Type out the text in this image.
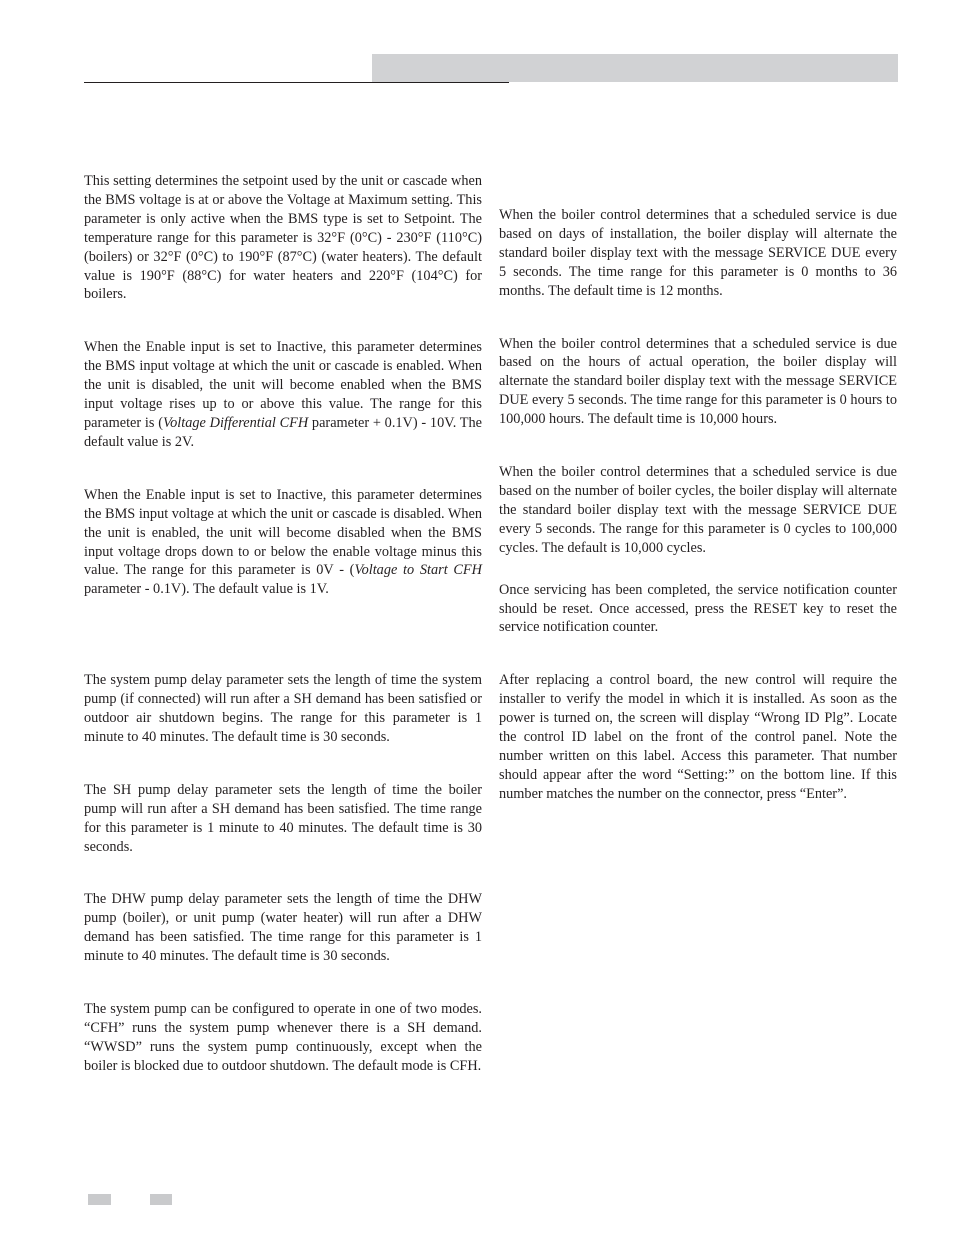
This setting determines the setpoint used by the unit or cascade when the BMS voltage is at or above the Voltage at Maximum setting. This parameter is only active when the BMS type is set to Setpoint. The temperature range for this parameter is 32°F (0°C) - 230°F (110°C) (boilers) or 32°F (0°C) to 190°F (87°C) (water heaters). The default value is 190°F (88°C) for water heaters and 220°F (104°C) for boilers.

When the Enable input is set to Inactive, this parameter determines the BMS input voltage at which the unit or cascade is enabled. When the unit is disabled, the unit will become enabled when the BMS input voltage rises up to or above this value. The range for this parameter is (Voltage Differential CFH parameter + 0.1V) - 10V. The default value is 2V.

When the Enable input is set to Inactive, this parameter determines the BMS input voltage at which the unit or cascade is disabled. When the unit is enabled, the unit will become disabled when the BMS input voltage drops down to or below the enable voltage minus this value. The range for this parameter is 0V - (Voltage to Start CFH parameter - 0.1V). The default value is 1V.

The system pump delay parameter sets the length of time the system pump (if connected) will run after a SH demand has been satisfied or outdoor air shutdown begins. The range for this parameter is 1 minute to 40 minutes. The default time is 30 seconds.

The SH pump delay parameter sets the length of time the boiler pump will run after a SH demand has been satisfied. The time range for this parameter is 1 minute to 40 minutes. The default time is 30 seconds.

The DHW pump delay parameter sets the length of time the DHW pump (boiler), or unit pump (water heater) will run after a DHW demand has been satisfied. The time range for this parameter is 1 minute to 40 minutes. The default time is 30 seconds.

The system pump can be configured to operate in one of two modes. “CFH” runs the system pump whenever there is a SH demand. “WWSD” runs the system pump continuously, except when the boiler is blocked due to outdoor shutdown. The default mode is CFH.

When the boiler control determines that a scheduled service is due based on days of installation, the boiler display will alternate the standard boiler display text with the message SERVICE DUE every 5 seconds. The time range for this parameter is 0 months to 36 months. The default time is 12 months.

When the boiler control determines that a scheduled service is due based on the hours of actual operation, the boiler display will alternate the standard boiler display text with the message SERVICE DUE every 5 seconds. The time range for this parameter is 0 hours to 100,000 hours. The default time is 10,000 hours.

When the boiler control determines that a scheduled service is due based on the number of boiler cycles, the boiler display will alternate the standard boiler display text with the message SERVICE DUE every 5 seconds. The range for this parameter is 0 cycles to 100,000 cycles. The default is 10,000 cycles.

Once servicing has been completed, the service notification counter should be reset. Once accessed, press the RESET key to reset the service notification counter.

After replacing a control board, the new control will require the installer to verify the model in which it is installed. As soon as the power is turned on, the screen will display “Wrong ID Plg”. Locate the control ID label on the front of the control panel. Note the number written on this label. Access this parameter. That number should appear after the word “Setting:” on the bottom line. If this number matches the number on the connector, press “Enter”.
